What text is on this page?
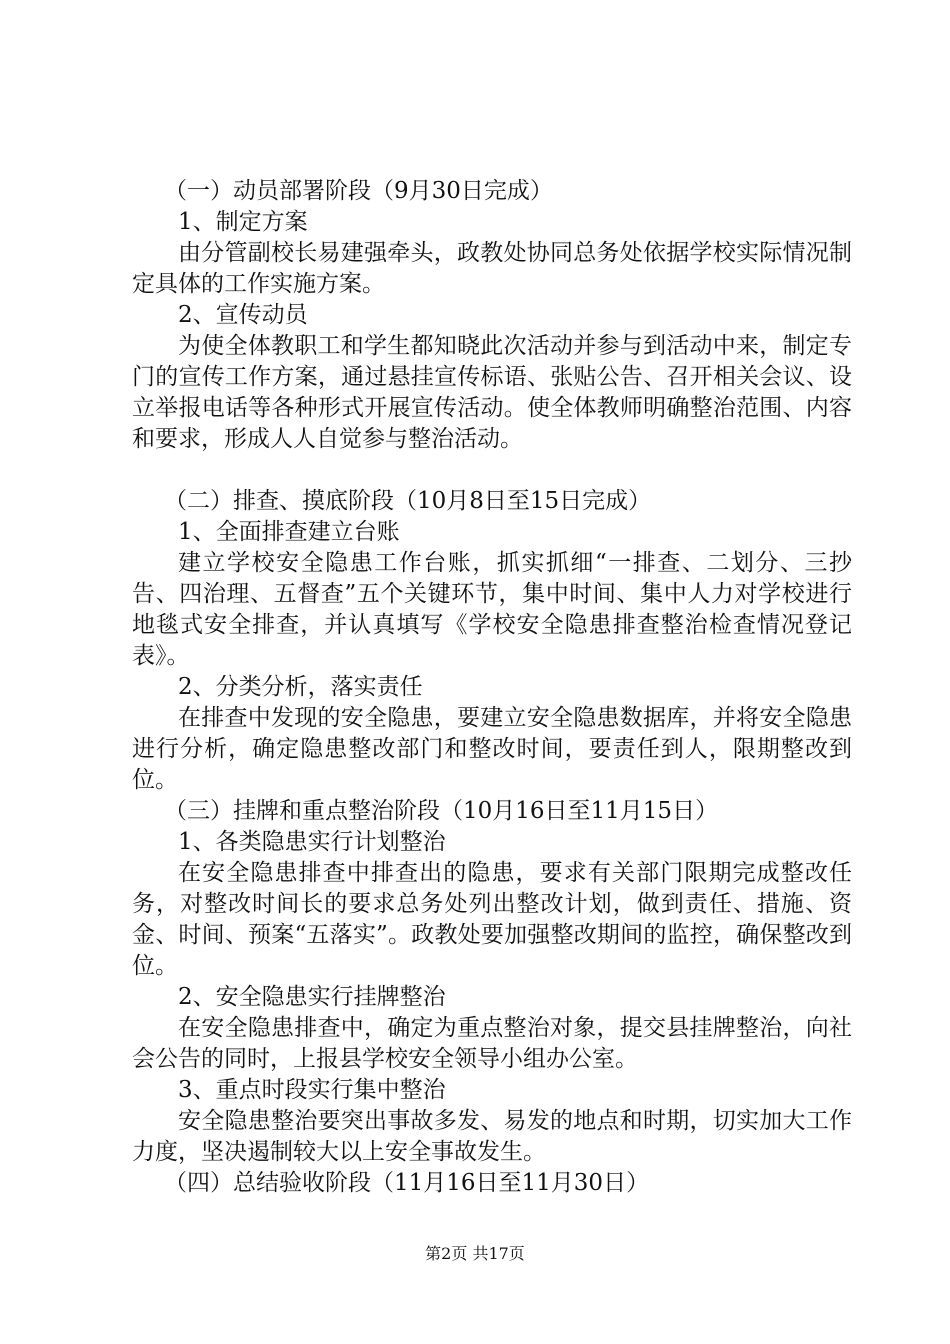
（一）动员部署阶段（9月30日完成）

1、制定方案

由分管副校长易建强牵头，政教处协同总务处依据学校实际情况制定具体的工作实施方案。

2、宣传动员

为使全体教职工和学生都知晓此次活动并参与到活动中来，制定专门的宣传工作方案，通过悬挂宣传标语、张贴公告、召开相关会议、设立举报电话等各种形式开展宣传活动。使全体教师明确整治范围、内容和要求，形成人人自觉参与整治活动。

（二）排查、摸底阶段（10月8日至15日完成）

1、全面排查建立台账

建立学校安全隐患工作台账，抓实抓细“一排查、二划分、三抄告、四治理、五督查”五个关键环节，集中时间、集中人力对学校进行地毯式安全排查，并认真填写《学校安全隐患排查整治检查情况登记表》。

2、分类分析，落实责任

在排查中发现的安全隐患，要建立安全隐患数据库，并将安全隐患进行分析，确定隐患整改部门和整改时间，要责任到人，限期整改到位。

（三）挂牌和重点整治阶段（10月16日至11月15日）

1、各类隐患实行计划整治

在安全隐患排查中排查出的隐患，要求有关部门限期完成整改任务，对整改时间长的要求总务处列出整改计划，做到责任、措施、资金、时间、预案“五落实”。政教处要加强整改期间的监控，确保整改到位。

2、安全隐患实行挂牌整治

在安全隐患排查中，确定为重点整治对象，提交县挂牌整治，向社会公告的同时，上报县学校安全领导小组办公室。

3、重点时段实行集中整治

安全隐患整治要突出事故多发、易发的地点和时期，切实加大工作力度，坚决遏制较大以上安全事故发生。

（四）总结验收阶段（11月16日至11月30日）

第2页 共17页
